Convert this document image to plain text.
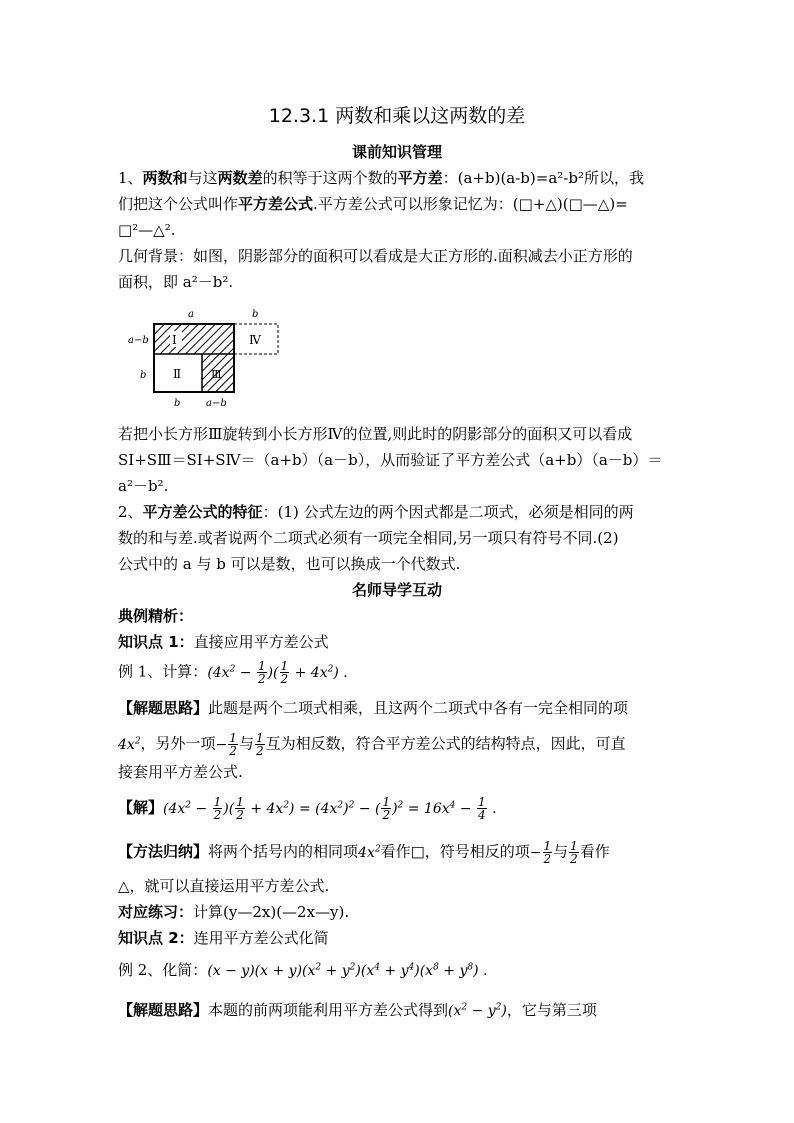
12.3.1 两数和乘以这两数的差
课前知识管理
1、两数和与这两数差的积等于这两个数的平方差：(a+b)(a-b)=a²-b²所以，我
们把这个公式叫作平方差公式.平方差公式可以形象记忆为：(□+△)(□—△)=
□²—△².
几何背景：如图，阴影部分的面积可以看成是大正方形的.面积减去小正方形的
面积，即 a²－b².
a	b
a−b
b
b	a−b
Ⅰ
Ⅱ	Ⅲ
Ⅳ
若把小长方形Ⅲ旋转到小长方形Ⅳ的位置,则此时的阴影部分的面积又可以看成
SⅠ+SⅢ＝SⅠ+SⅣ＝（a+b）（a－b），从而验证了平方差公式（a+b）（a－b）＝
a²－b².
2、平方差公式的特征：(1) 公式左边的两个因式都是二项式，必须是相同的两
数的和与差.或者说两个二项式必须有一项完全相同,另一项只有符号不同.(2)
公式中的 a 与 b 可以是数，也可以换成一个代数式.
名师导学互动
典例精析：
知识点 1：直接应用平方差公式
例 1、计算：($4x^2 - \frac{1}{2}$ )( $\frac{1}{2} + 4x^2$) .
【解题思路】此题是两个二项式相乘，且这两个二项式中各有一完全相同的项
$4x^2$，另外一项− $\frac{1}{2}$ 与 $\frac{1}{2}$ 互为相反数，符合平方差公式的结构特点，因此，可直
接套用平方差公式.
【解】($4x^2 - \frac{1}{2}$ )( $\frac{1}{2} + 4x^2) = (4x^2)^2$ − ( $\frac{1}{2} )^2 = 16x^4 - \frac{1}{4}$ .
【方法归纳】将两个括号内的相同项$4x^2$看作□，符号相反的项− $\frac{1}{2}$ 与 $\frac{1}{2}$ 看作
△，就可以直接运用平方差公式.
对应练习：计算(y—2x)(—2x—y).
知识点 2：连用平方差公式化简
例 2、化简：$(x - y)(x + y)(x^2 + y^2)(x^4 + y^4)(x^8 + y^8)$ .
【解题思路】本题的前两项能利用平方差公式得到$(x^2 - y^2)$，它与第三项
